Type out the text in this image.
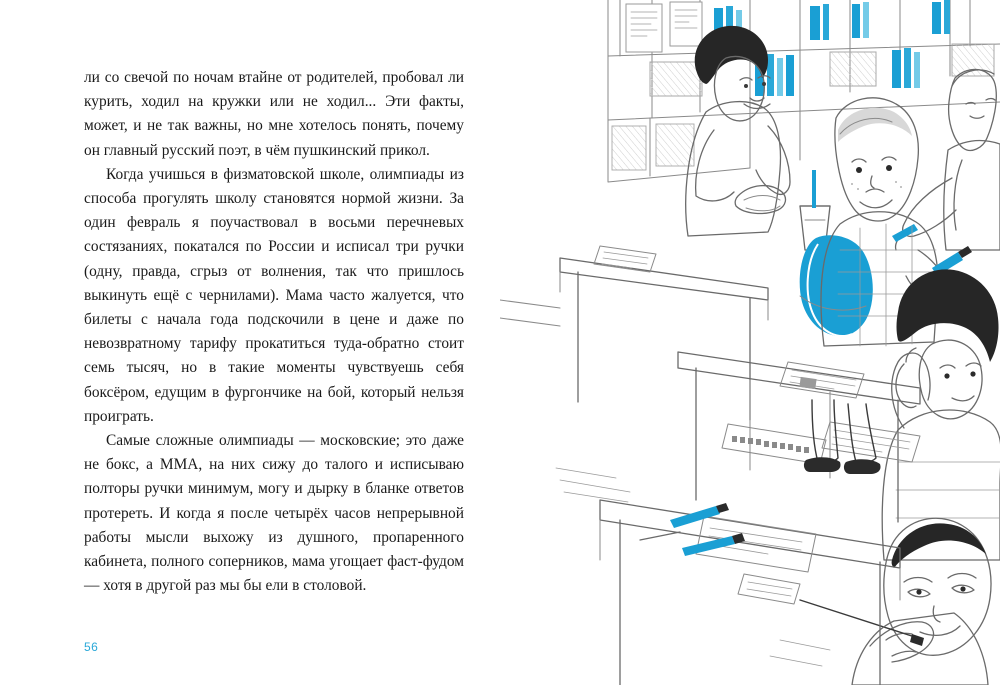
ли со свечой по ночам втайне от родителей, пробовал ли курить, ходил на кружки или не ходил... Эти факты, может, и не так важны, но мне хотелось понять, почему он главный русский поэт, в чём пушкинский прикол.

Когда учишься в физматовской школе, олимпиады из способа прогулять школу становятся нормой жизни. За один февраль я поучаствовал в восьми перечневых состязаниях, покатался по России и исписал три ручки (одну, правда, сгрыз от волнения, так что пришлось выкинуть ещё с чернилами). Мама часто жалуется, что билеты с начала года подскочили в цене и даже по невозвратному тарифу прокатиться туда-обратно стоит семь тысяч, но в такие моменты чувствуешь себя боксёром, едущим в фургончике на бой, который нельзя проиграть.

Самые сложные олимпиады — московские; это даже не бокс, а ММА, на них сижу до талого и исписываю полторы ручки минимум, могу и дырку в бланке ответов протереть. И когда я после четырёх часов непрерывной работы мысли выхожу из душного, пропаренного кабинета, полного соперников, мама угощает фаст-фудом — хотя в другой раз мы бы ели в столовой.

56
